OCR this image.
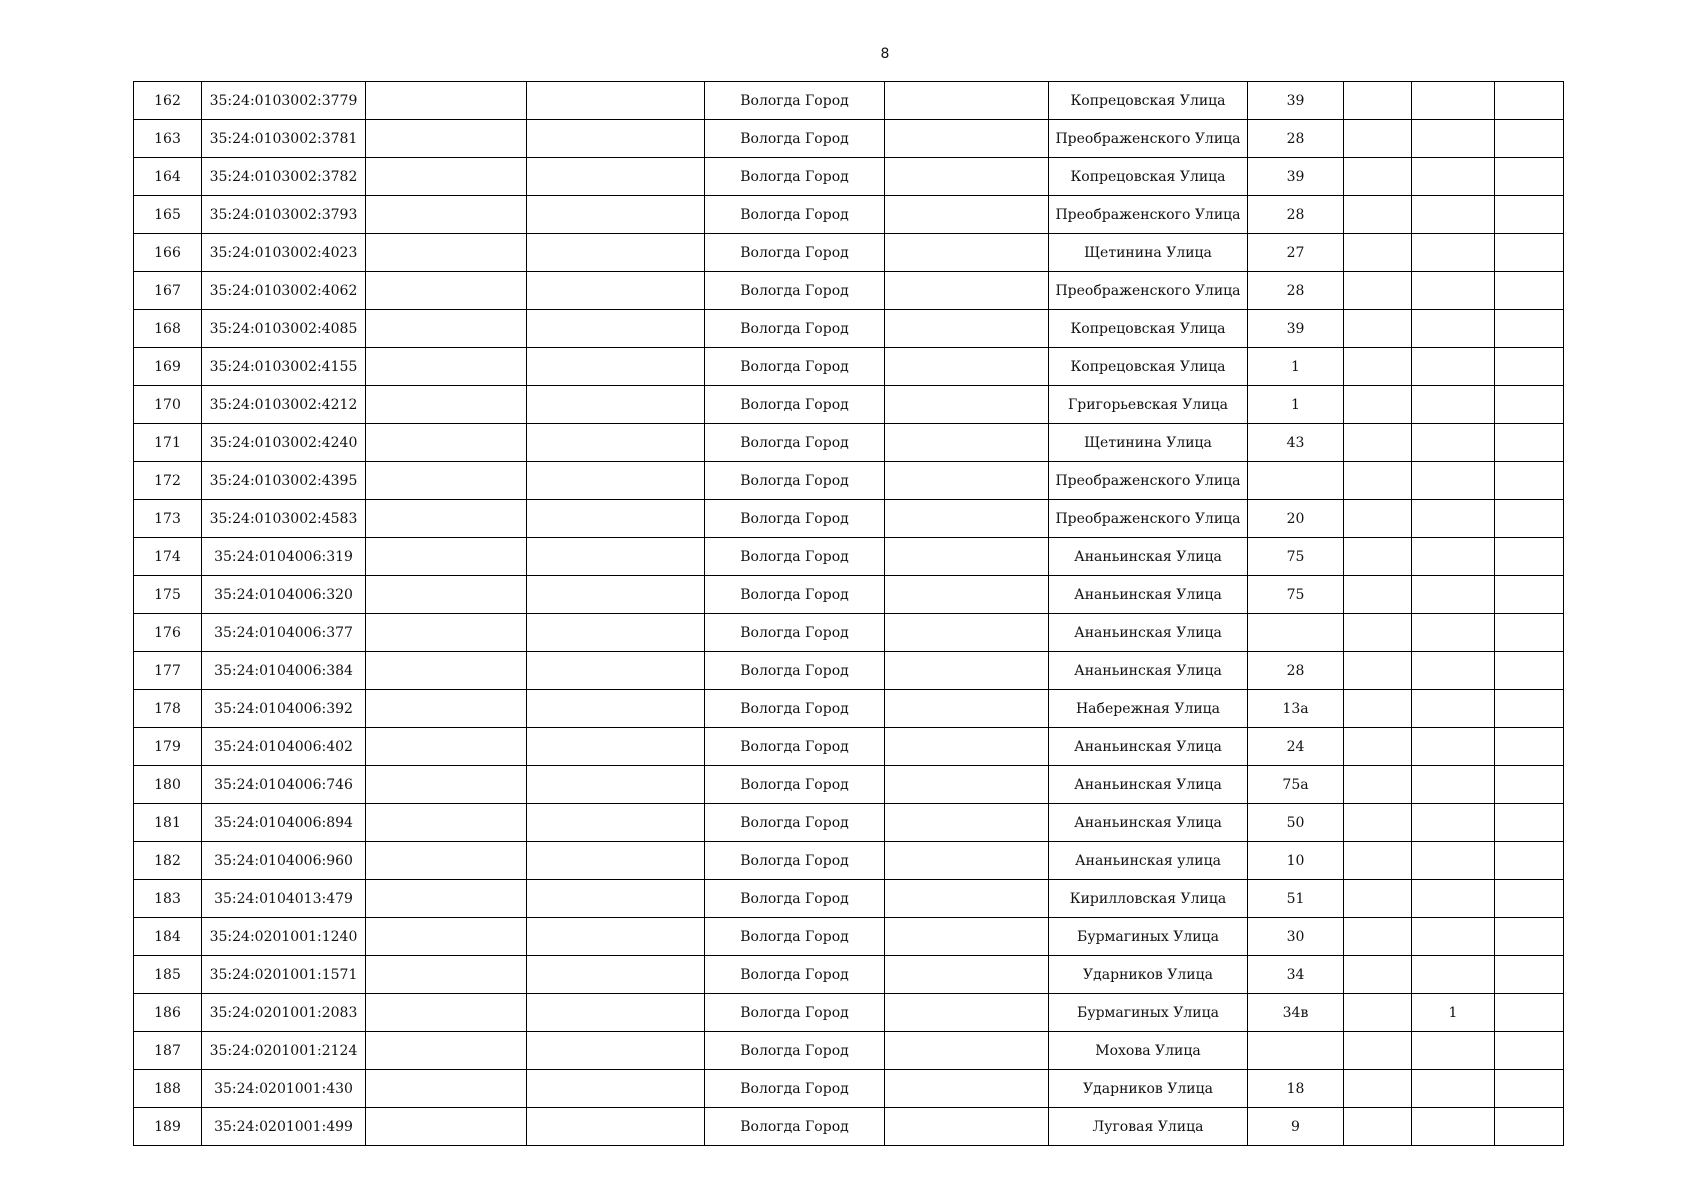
8
162	35:24:0103002:3779			Вологда Город		Копрецовская Улица	39			
163	35:24:0103002:3781			Вологда Город		Преображенского Улица	28			
164	35:24:0103002:3782			Вологда Город		Копрецовская Улица	39			
165	35:24:0103002:3793			Вологда Город		Преображенского Улица	28			
166	35:24:0103002:4023			Вологда Город		Щетинина Улица	27			
167	35:24:0103002:4062			Вологда Город		Преображенского Улица	28			
168	35:24:0103002:4085			Вологда Город		Копрецовская Улица	39			
169	35:24:0103002:4155			Вологда Город		Копрецовская Улица	1			
170	35:24:0103002:4212			Вологда Город		Григорьевская Улица	1			
171	35:24:0103002:4240			Вологда Город		Щетинина Улица	43			
172	35:24:0103002:4395			Вологда Город		Преображенского Улица				
173	35:24:0103002:4583			Вологда Город		Преображенского Улица	20			
174	35:24:0104006:319			Вологда Город		Ананьинская Улица	75			
175	35:24:0104006:320			Вологда Город		Ананьинская Улица	75			
176	35:24:0104006:377			Вологда Город		Ананьинская Улица				
177	35:24:0104006:384			Вологда Город		Ананьинская Улица	28			
178	35:24:0104006:392			Вологда Город		Набережная Улица	13а			
179	35:24:0104006:402			Вологда Город		Ананьинская Улица	24			
180	35:24:0104006:746			Вологда Город		Ананьинская Улица	75а			
181	35:24:0104006:894			Вологда Город		Ананьинская Улица	50			
182	35:24:0104006:960			Вологда Город		Ананьинская улица	10			
183	35:24:0104013:479			Вологда Город		Кирилловская Улица	51			
184	35:24:0201001:1240			Вологда Город		Бурмагиных Улица	30			
185	35:24:0201001:1571			Вологда Город		Ударников Улица	34			
186	35:24:0201001:2083			Вологда Город		Бурмагиных Улица	34в		1	
187	35:24:0201001:2124			Вологда Город		Мохова Улица				
188	35:24:0201001:430			Вологда Город		Ударников Улица	18			
189	35:24:0201001:499			Вологда Город		Луговая Улица	9			
